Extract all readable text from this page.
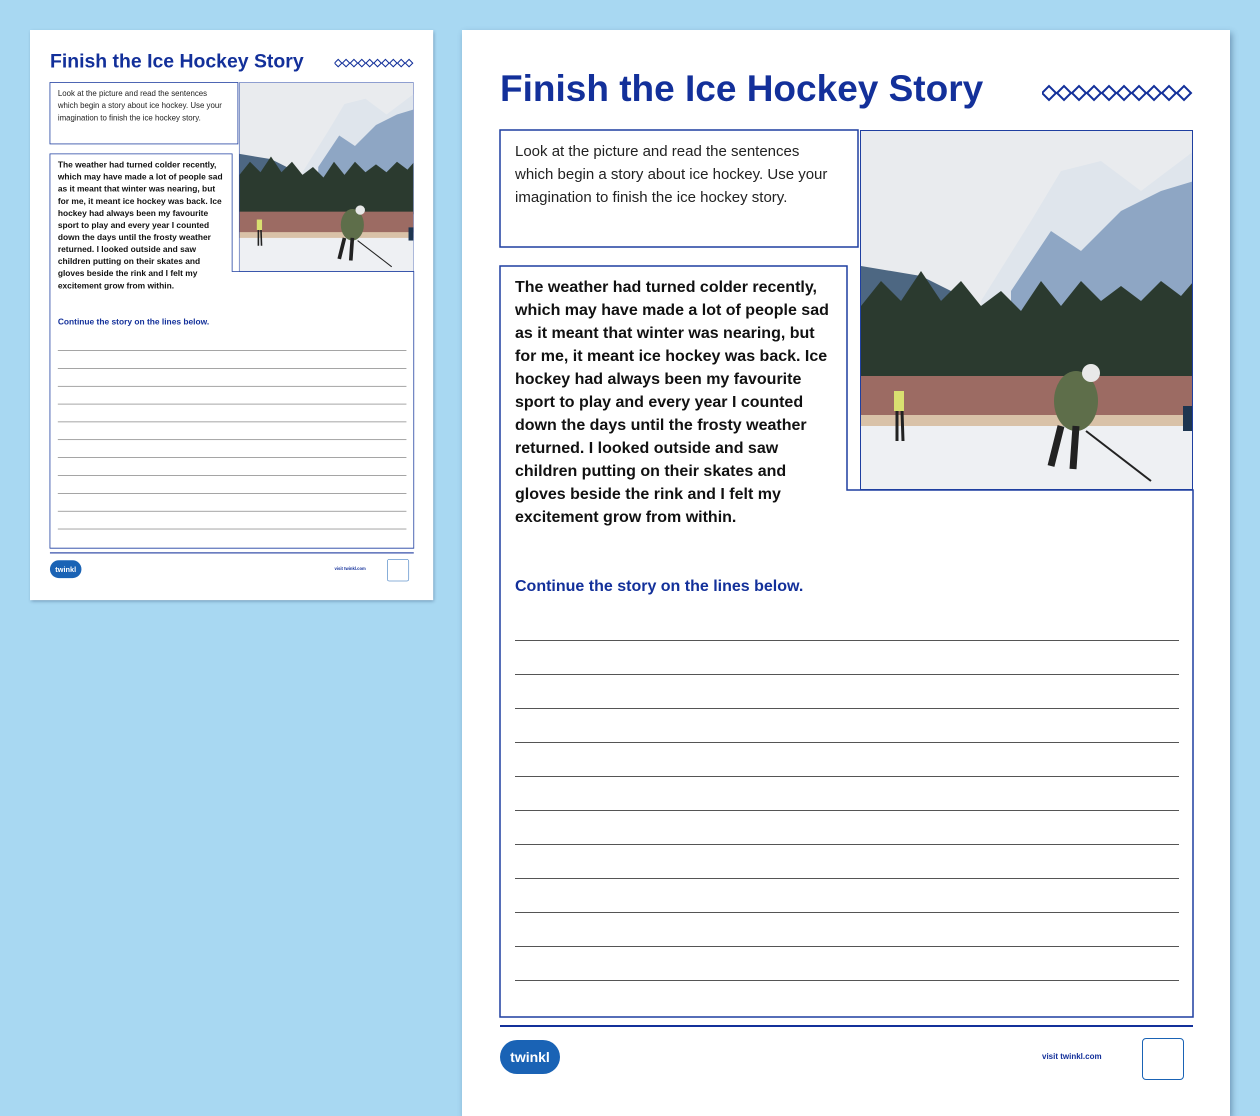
Finish the Ice Hockey Story
Look at the picture and read the sentences which begin a story about ice hockey. Use your imagination to finish the ice hockey story.
The weather had turned colder recently, which may have made a lot of people sad as it meant that winter was nearing, but for me, it meant ice hockey was back. Ice hockey had always been my favourite sport to play and every year I counted down the days until the frosty weather returned. I looked outside and saw children putting on their skates and gloves beside the rink and I felt my excitement grow from within.
Continue the story on the lines below.
twinkl	visit twinkl.com
Finish the Ice Hockey Story
Look at the picture and read the sentences which begin a story about ice hockey. Use your imagination to finish the ice hockey story.
The weather had turned colder recently, which may have made a lot of people sad as it meant that winter was nearing, but for me, it meant ice hockey was back. Ice hockey had always been my favourite sport to play and every year I counted down the days until the frosty weather returned. I looked outside and saw children putting on their skates and gloves beside the rink and I felt my excitement grow from within.
Continue the story on the lines below.
twinkl	visit twinkl.com
